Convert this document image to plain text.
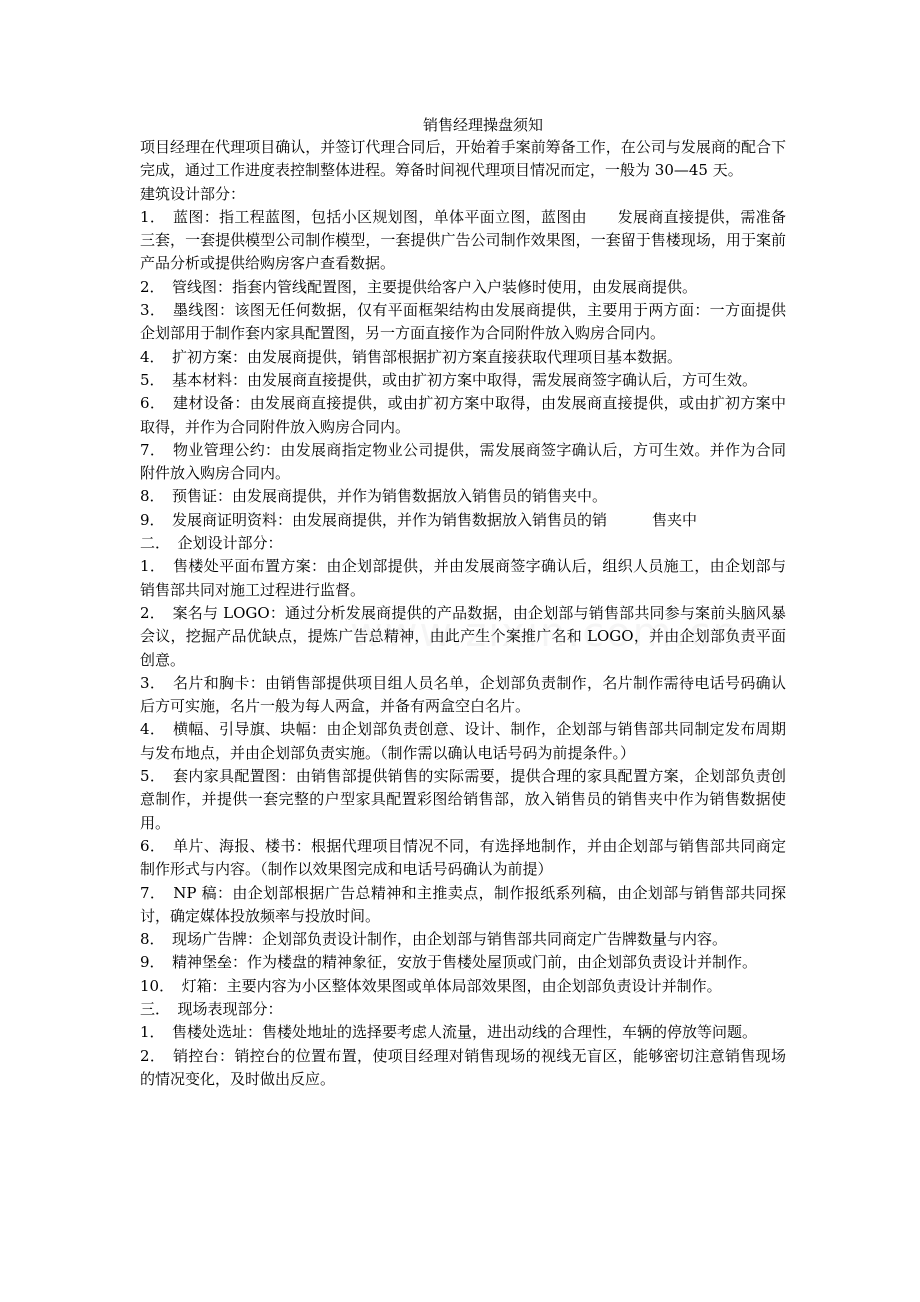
销售经理操盘须知

项目经理在代理项目确认，并签订代理合同后，开始着手案前筹备工作，在公司与发展商的配合下完成，通过工作进度表控制整体进程。筹备时间视代理项目情况而定，一般为 30—45 天。

建筑设计部分：

1．　蓝图：指工程蓝图，包括小区规划图，单体平面立图，蓝图由　　发展商直接提供，需准备三套，一套提供模型公司制作模型，一套提供广告公司制作效果图，一套留于售楼现场，用于案前产品分析或提供给购房客户查看数据。

2．　管线图：指套内管线配置图，主要提供给客户入户装修时使用，由发展商提供。

3．　墨线图：该图无任何数据，仅有平面框架结构由发展商提供，主要用于两方面：一方面提供企划部用于制作套内家具配置图，另一方面直接作为合同附件放入购房合同内。

4．　扩初方案：由发展商提供，销售部根据扩初方案直接获取代理项目基本数据。

5．　基本材料：由发展商直接提供，或由扩初方案中取得，需发展商签字确认后，方可生效。

6．　建材设备：由发展商直接提供，或由扩初方案中取得，由发展商直接提供，或由扩初方案中取得，并作为合同附件放入购房合同内。

7．　物业管理公约：由发展商指定物业公司提供，需发展商签字确认后，方可生效。并作为合同附件放入购房合同内。

8．　预售证：由发展商提供，并作为销售数据放入销售员的销售夹中。

9．　发展商证明资料：由发展商提供，并作为销售数据放入销售员的销　　　售夹中

二．　企划设计部分：

1．　售楼处平面布置方案：由企划部提供，并由发展商签字确认后，组织人员施工，由企划部与销售部共同对施工过程进行监督。

2．　案名与 LOGO：通过分析发展商提供的产品数据，由企划部与销售部共同参与案前头脑风暴会议，挖掘产品优缺点，提炼广告总精神，由此产生个案推广名和 LOGO，并由企划部负责平面创意。

3．　名片和胸卡：由销售部提供项目组人员名单，企划部负责制作，名片制作需待电话号码确认后方可实施，名片一般为每人两盒，并备有两盒空白名片。

4．　横幅、引导旗、块幅：由企划部负责创意、设计、制作，企划部与销售部共同制定发布周期与发布地点，并由企划部负责实施。（制作需以确认电话号码为前提条件。）

5．　套内家具配置图：由销售部提供销售的实际需要，提供合理的家具配置方案，企划部负责创意制作，并提供一套完整的户型家具配置彩图给销售部，放入销售员的销售夹中作为销售数据使用。

6．　单片、海报、楼书：根据代理项目情况不同，有选择地制作，并由企划部与销售部共同商定制作形式与内容。（制作以效果图完成和电话号码确认为前提）

7．　NP 稿：由企划部根据广告总精神和主推卖点，制作报纸系列稿，由企划部与销售部共同探讨，确定媒体投放频率与投放时间。

8．　现场广告牌：企划部负责设计制作，由企划部与销售部共同商定广告牌数量与内容。

9．　精神堡垒：作为楼盘的精神象征，安放于售楼处屋顶或门前，由企划部负责设计并制作。

10．　灯箱：主要内容为小区整体效果图或单体局部效果图，由企划部负责设计并制作。

三．　现场表现部分：

1．　售楼处选址：售楼处地址的选择要考虑人流量，进出动线的合理性，车辆的停放等问题。

2．　销控台：销控台的位置布置，使项目经理对销售现场的视线无盲区，能够密切注意销售现场的情况变化，及时做出反应。
